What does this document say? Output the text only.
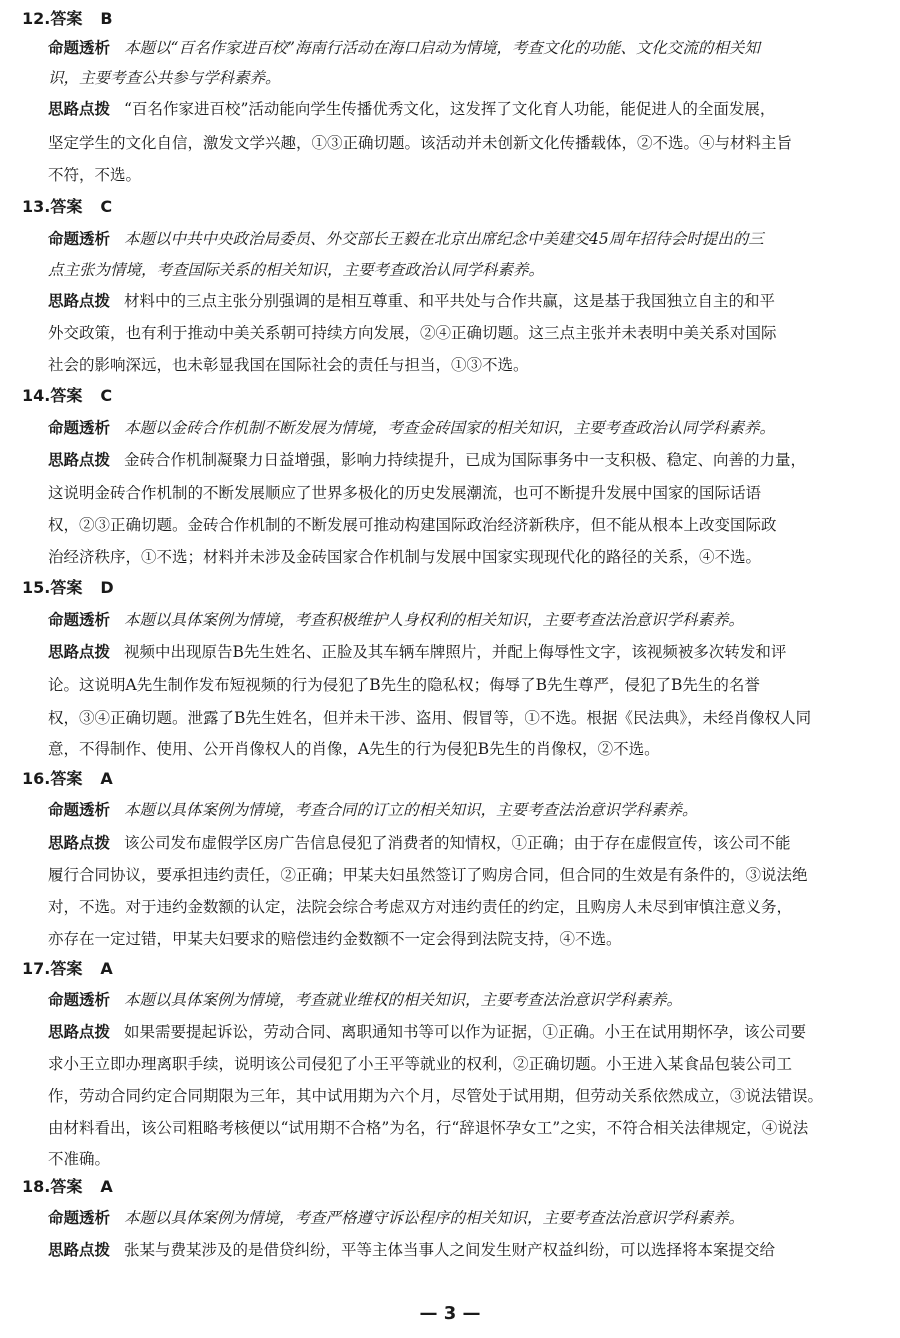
12.答案 B
命题透析 本题以“百名作家进百校”海南行活动在海口启动为情境，考查文化的功能、文化交流的相关知
识，主要考查公共参与学科素养。
思路点拨 “百名作家进百校”活动能向学生传播优秀文化，这发挥了文化育人功能，能促进人的全面发展，
坚定学生的文化自信，激发文学兴趣，①③正确切题。该活动并未创新文化传播载体，②不选。④与材料主旨
不符，不选。
13.答案 C
命题透析 本题以中共中央政治局委员、外交部长王毅在北京出席纪念中美建交45周年招待会时提出的三
点主张为情境，考查国际关系的相关知识，主要考查政治认同学科素养。
思路点拨 材料中的三点主张分别强调的是相互尊重、和平共处与合作共赢，这是基于我国独立自主的和平
外交政策，也有利于推动中美关系朝可持续方向发展，②④正确切题。这三点主张并未表明中美关系对国际
社会的影响深远，也未彰显我国在国际社会的责任与担当，①③不选。
14.答案 C
命题透析 本题以金砖合作机制不断发展为情境，考查金砖国家的相关知识，主要考查政治认同学科素养。
思路点拨 金砖合作机制凝聚力日益增强，影响力持续提升，已成为国际事务中一支积极、稳定、向善的力量，
这说明金砖合作机制的不断发展顺应了世界多极化的历史发展潮流，也可不断提升发展中国家的国际话语
权，②③正确切题。金砖合作机制的不断发展可推动构建国际政治经济新秩序，但不能从根本上改变国际政
治经济秩序，①不选；材料并未涉及金砖国家合作机制与发展中国家实现现代化的路径的关系，④不选。
15.答案 D
命题透析 本题以具体案例为情境，考查积极维护人身权利的相关知识，主要考查法治意识学科素养。
思路点拨 视频中出现原告B先生姓名、正脸及其车辆车牌照片，并配上侮辱性文字，该视频被多次转发和评
论。这说明A先生制作发布短视频的行为侵犯了B先生的隐私权；侮辱了B先生尊严，侵犯了B先生的名誉
权，③④正确切题。泄露了B先生姓名，但并未干涉、盗用、假冒等，①不选。根据《民法典》，未经肖像权人同
意，不得制作、使用、公开肖像权人的肖像，A先生的行为侵犯B先生的肖像权，②不选。
16.答案 A
命题透析 本题以具体案例为情境，考查合同的订立的相关知识，主要考查法治意识学科素养。
思路点拨 该公司发布虚假学区房广告信息侵犯了消费者的知情权，①正确；由于存在虚假宣传，该公司不能
履行合同协议，要承担违约责任，②正确；甲某夫妇虽然签订了购房合同，但合同的生效是有条件的，③说法绝
对，不选。对于违约金数额的认定，法院会综合考虑双方对违约责任的约定，且购房人未尽到审慎注意义务，
亦存在一定过错，甲某夫妇要求的赔偿违约金数额不一定会得到法院支持，④不选。
17.答案 A
命题透析 本题以具体案例为情境，考查就业维权的相关知识，主要考查法治意识学科素养。
思路点拨 如果需要提起诉讼，劳动合同、离职通知书等可以作为证据，①正确。小王在试用期怀孕，该公司要
求小王立即办理离职手续，说明该公司侵犯了小王平等就业的权利，②正确切题。小王进入某食品包装公司工
作，劳动合同约定合同期限为三年，其中试用期为六个月，尽管处于试用期，但劳动关系依然成立，③说法错误。
由材料看出，该公司粗略考核便以“试用期不合格”为名，行“辞退怀孕女工”之实，不符合相关法律规定，④说法
不准确。
18.答案 A
命题透析 本题以具体案例为情境，考查严格遵守诉讼程序的相关知识，主要考查法治意识学科素养。
思路点拨 张某与费某涉及的是借贷纠纷，平等主体当事人之间发生财产权益纠纷，可以选择将本案提交给
— 3 —
